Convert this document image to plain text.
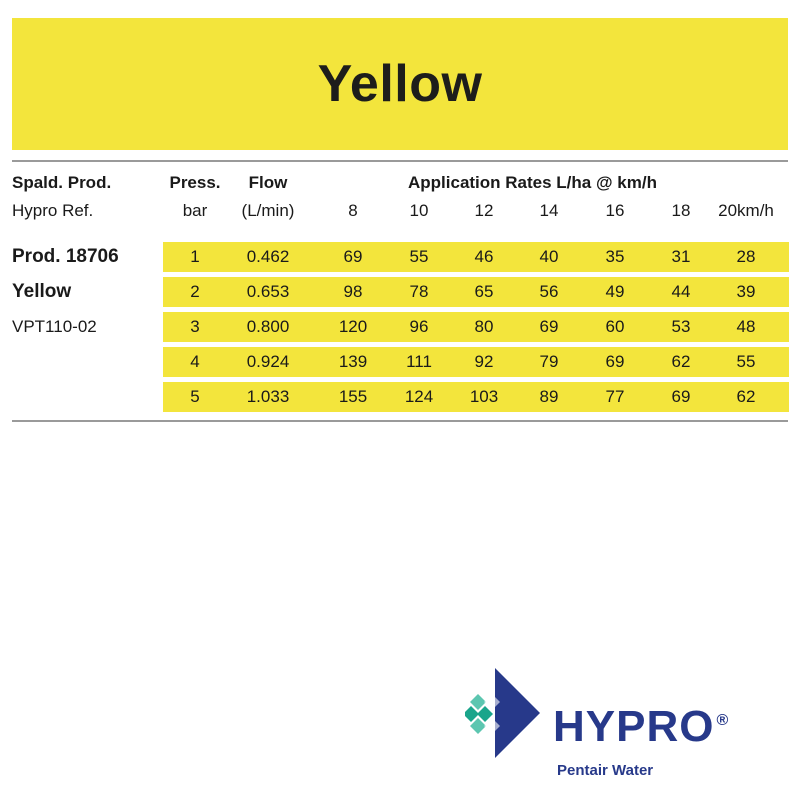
Yellow
Spald. Prod.	Press. Flow	Application Rates L/ha @ km/h
Hypro Ref.	bar (L/min)	8	10	12	14	16	18 20km/h
Prod. 18706
Yellow
VPT110-02
1	0.462	69	55	46	40	35	31	28
2	0.653	98	78	65	56	49	44	39
3	0.800	120 96	80	69	60	53	48
4	0.924	139 111	92	79	69	62	55
5	1.033	155 124 103 89	77	69	62
HYPRO ®
Pentair Water
